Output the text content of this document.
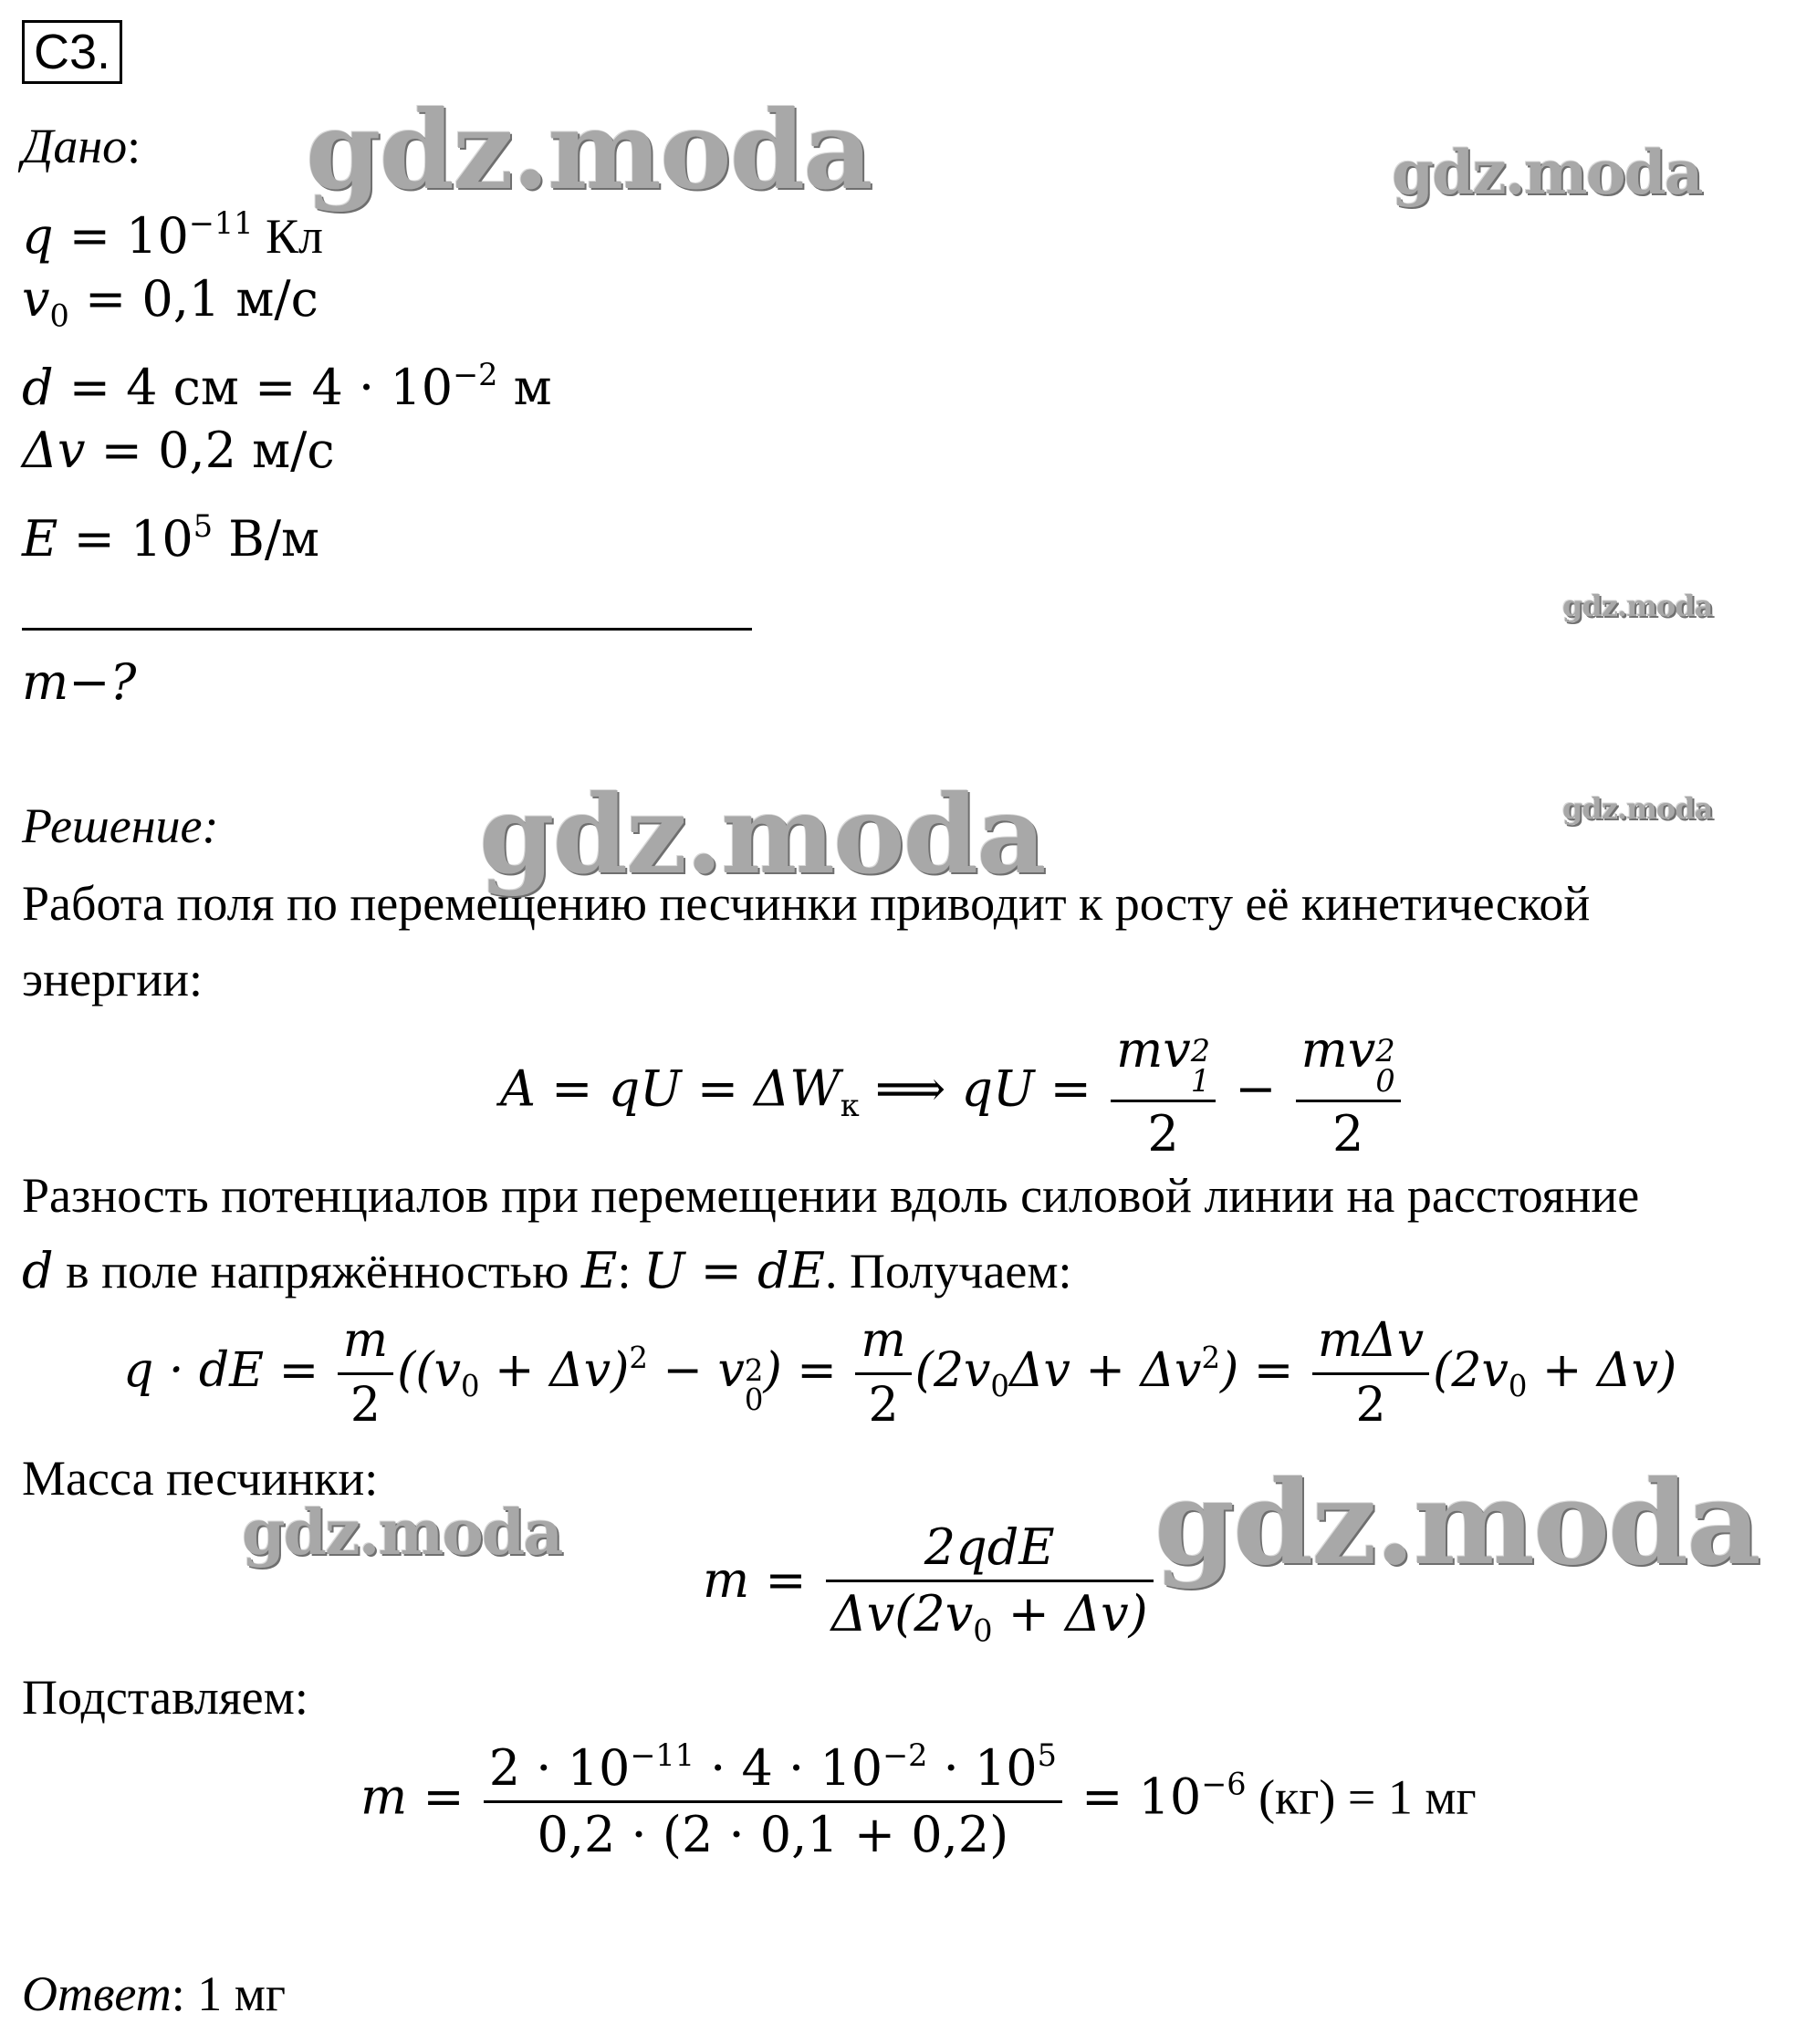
С3.
Дано:
$q = 10^{-11}$ Кл
$v_0 = 0,1$ м/с
d = 4 см = $4 \cdot 10^{-2}$ м
Δv = 0,2 м/с
$E = 10^5$ В/м
m−?
Решение:
Работа поля по перемещению песчинки приводит к росту её кинетической
энергии:
A = qU = $\Delta W_к$ ⟹ qU = mv 2
1
2 − mv 2
0
2
Разность потенциалов при перемещении вдоль силовой линии на расстояние
d в поле напряжённостью E: U = dE. Получаем:
q · dE = $\frac{m}{2} ((v_0 + \Delta v)^2 - v$ 2
0
) = $\frac{m}{2} (2v_0\Delta v + \Delta v^2) = \frac{\text{mΔv}}{2} (2v_0 + \Delta v)$
Масса песчинки:
$m = \frac{\text{2qdE}}{\Delta v(2v_0 + \Delta v)}$
Подставляем:
$m = \frac{2 \cdot 10^{-11} \cdot 4 \cdot 10^{-2} \cdot 10^5}{0,2 \cdot (2 \cdot 0,1 + 0,2)} = 10^{-6}$ (кг) = 1 мг
Ответ: 1 мг
gdz.moda	gdz.moda
gdz.moda
gdz.moda
gdz.moda
gdz.moda	gdz.moda
